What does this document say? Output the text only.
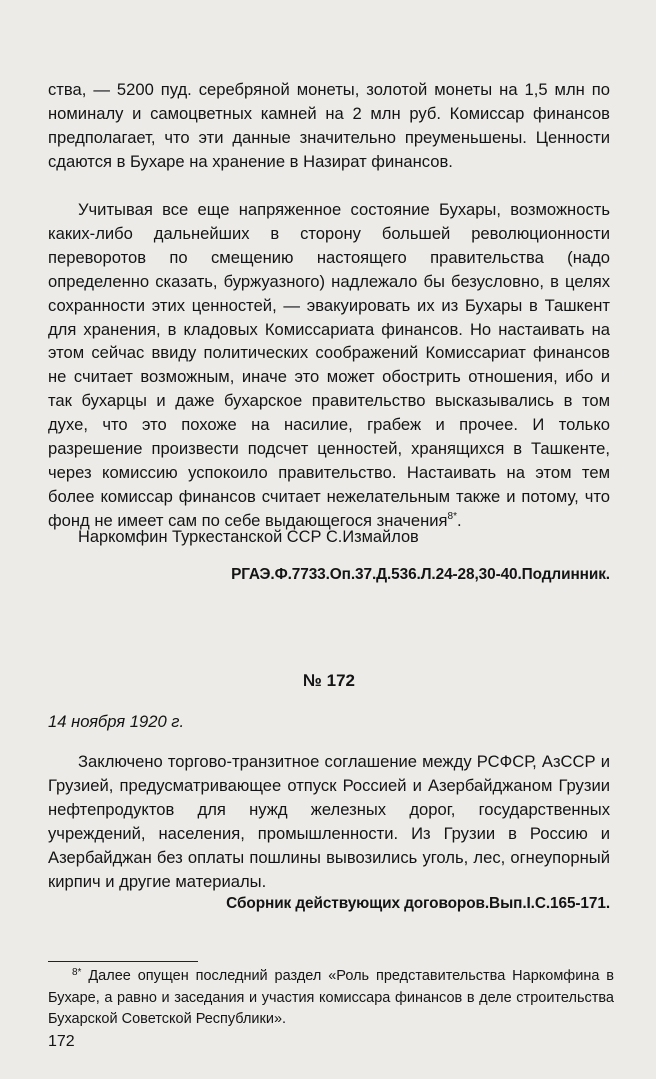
ства, — 5200 пуд. серебряной монеты, золотой монеты на 1,5 млн по номиналу и самоцветных камней на 2 млн руб. Комиссар финансов предполагает, что эти данные значительно преуменьшены. Ценности сдаются в Бухаре на хранение в Назират финансов.
Учитывая все еще напряженное состояние Бухары, возможность каких-либо дальнейших в сторону большей революционности переворотов по смещению настоящего правительства (надо определенно сказать, буржуазного) надлежало бы безусловно, в целях сохранности этих ценностей, — эвакуировать их из Бухары в Ташкент для хранения, в кладовых Комиссариата финансов. Но настаивать на этом сейчас ввиду политических соображений Комиссариат финансов не считает возможным, иначе это может обострить отношения, ибо и так бухарцы и даже бухарское правительство высказывались в том духе, что это похоже на насилие, грабеж и прочее. И только разрешение произвести подсчет ценностей, хранящихся в Ташкенте, через комиссию успокоило правительство. Настаивать на этом тем более комиссар финансов считает нежелательным также и потому, что фонд не имеет сам по себе выдающегося значения$^{8*}$.
Наркомфин Туркестанской ССР С.Измайлов
РГАЭ.Ф.7733.Оп.37.Д.536.Л.24-28,30-40.Подлинник.
№ 172
14 ноября 1920 г.
Заключено торгово-транзитное соглашение между РСФСР, АзССР и Грузией, предусматривающее отпуск Россией и Азербайджаном Грузии нефтепродуктов для нужд железных дорог, государственных учреждений, населения, промышленности. Из Грузии в Россию и Азербайджан без оплаты пошлины вывозились уголь, лес, огнеупорный кирпич и другие материалы.
Сборник действующих договоров.Вып.I.С.165-171.
$^{8*}$ Далее опущен последний раздел «Роль представительства Наркомфина в Бухаре, а равно и заседания и участия комиссара финансов в деле строительства Бухарской Советской Республики».
172
